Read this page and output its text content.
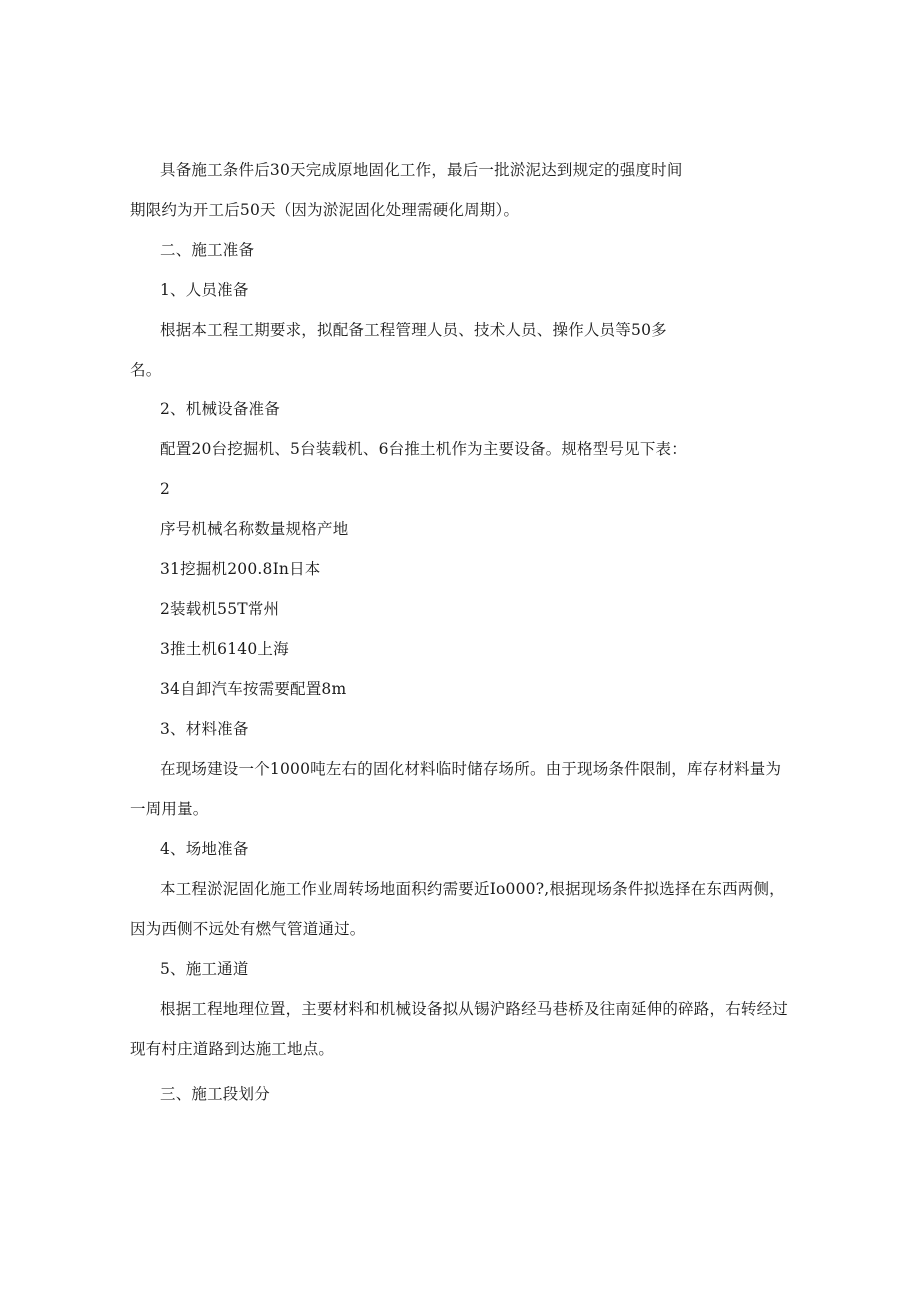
具备施工条件后30天完成原地固化工作，最后一批淤泥达到规定的强度时间
期限约为开工后50天（因为淤泥固化处理需硬化周期）。
二、施工准备
1、人员准备
根据本工程工期要求，拟配备工程管理人员、技术人员、操作人员等50多
名。
2、机械设备准备
配置20台挖掘机、5台装载机、6台推土机作为主要设备。规格型号见下表：
2
序号机械名称数量规格产地
31挖掘机200.8In日本
2装载机55T常州
3推土机6140上海
34自卸汽车按需要配置8m
3、材料准备
在现场建设一个1000吨左右的固化材料临时储存场所。由于现场条件限制，库存材料量为
一周用量。
4、场地准备
本工程淤泥固化施工作业周转场地面积约需要近Io000?,根据现场条件拟选择在东西两侧，
因为西侧不远处有燃气管道通过。
5、施工通道
根据工程地理位置，主要材料和机械设备拟从锡沪路经马巷桥及往南延伸的碎路，右转经过
现有村庄道路到达施工地点。
三、施工段划分
